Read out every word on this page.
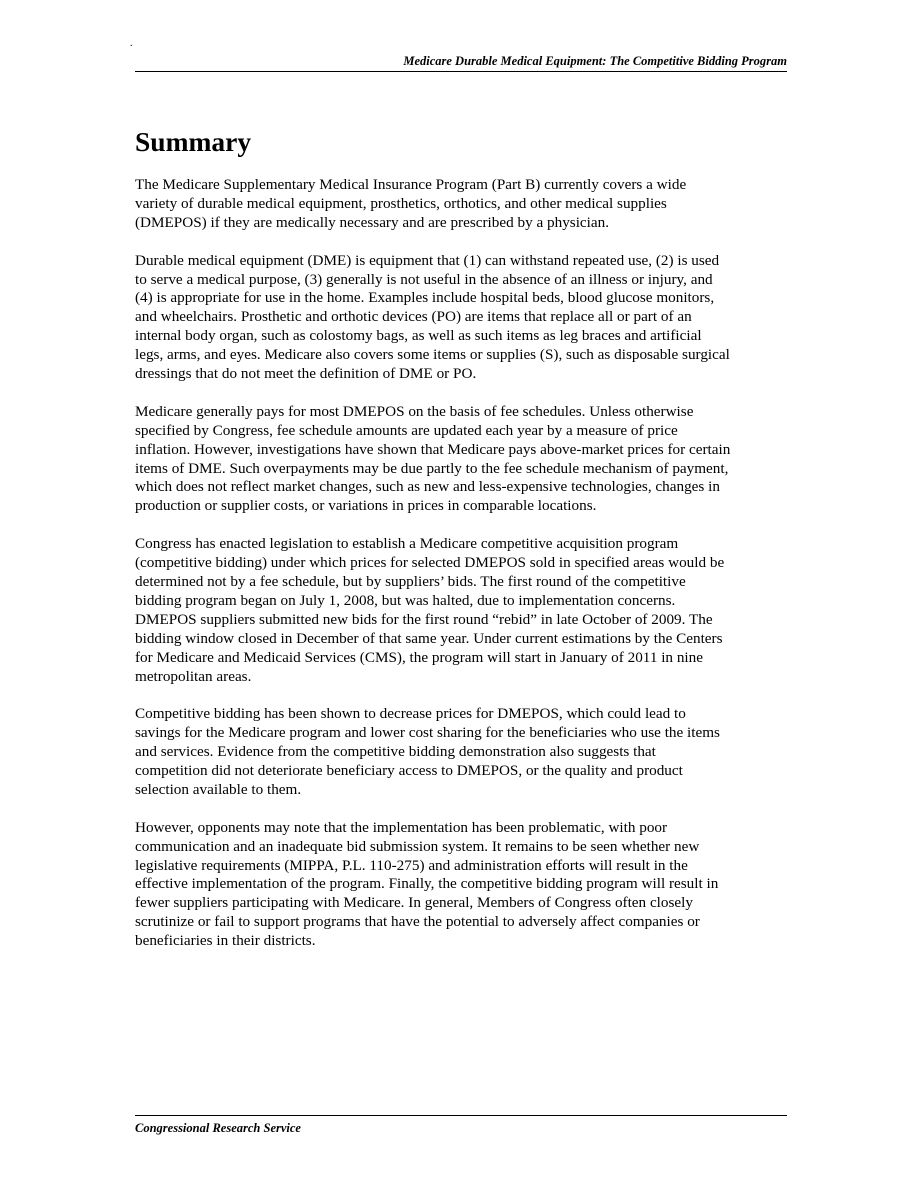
.
Medicare Durable Medical Equipment: The Competitive Bidding Program
Summary

The Medicare Supplementary Medical Insurance Program (Part B) currently covers a wide
variety of durable medical equipment, prosthetics, orthotics, and other medical supplies
(DMEPOS) if they are medically necessary and are prescribed by a physician.

Durable medical equipment (DME) is equipment that (1) can withstand repeated use, (2) is used
to serve a medical purpose, (3) generally is not useful in the absence of an illness or injury, and
(4) is appropriate for use in the home. Examples include hospital beds, blood glucose monitors,
and wheelchairs. Prosthetic and orthotic devices (PO) are items that replace all or part of an
internal body organ, such as colostomy bags, as well as such items as leg braces and artificial
legs, arms, and eyes. Medicare also covers some items or supplies (S), such as disposable surgical
dressings that do not meet the definition of DME or PO.

Medicare generally pays for most DMEPOS on the basis of fee schedules. Unless otherwise
specified by Congress, fee schedule amounts are updated each year by a measure of price
inflation. However, investigations have shown that Medicare pays above-market prices for certain
items of DME. Such overpayments may be due partly to the fee schedule mechanism of payment,
which does not reflect market changes, such as new and less-expensive technologies, changes in
production or supplier costs, or variations in prices in comparable locations.

Congress has enacted legislation to establish a Medicare competitive acquisition program
(competitive bidding) under which prices for selected DMEPOS sold in specified areas would be
determined not by a fee schedule, but by suppliers’ bids. The first round of the competitive
bidding program began on July 1, 2008, but was halted, due to implementation concerns.
DMEPOS suppliers submitted new bids for the first round “rebid” in late October of 2009. The
bidding window closed in December of that same year. Under current estimations by the Centers
for Medicare and Medicaid Services (CMS), the program will start in January of 2011 in nine
metropolitan areas.

Competitive bidding has been shown to decrease prices for DMEPOS, which could lead to
savings for the Medicare program and lower cost sharing for the beneficiaries who use the items
and services. Evidence from the competitive bidding demonstration also suggests that
competition did not deteriorate beneficiary access to DMEPOS, or the quality and product
selection available to them.

However, opponents may note that the implementation has been problematic, with poor
communication and an inadequate bid submission system. It remains to be seen whether new
legislative requirements (MIPPA, P.L. 110-275) and administration efforts will result in the
effective implementation of the program. Finally, the competitive bidding program will result in
fewer suppliers participating with Medicare. In general, Members of Congress often closely
scrutinize or fail to support programs that have the potential to adversely affect companies or
beneficiaries in their districts.

Congressional Research Service
